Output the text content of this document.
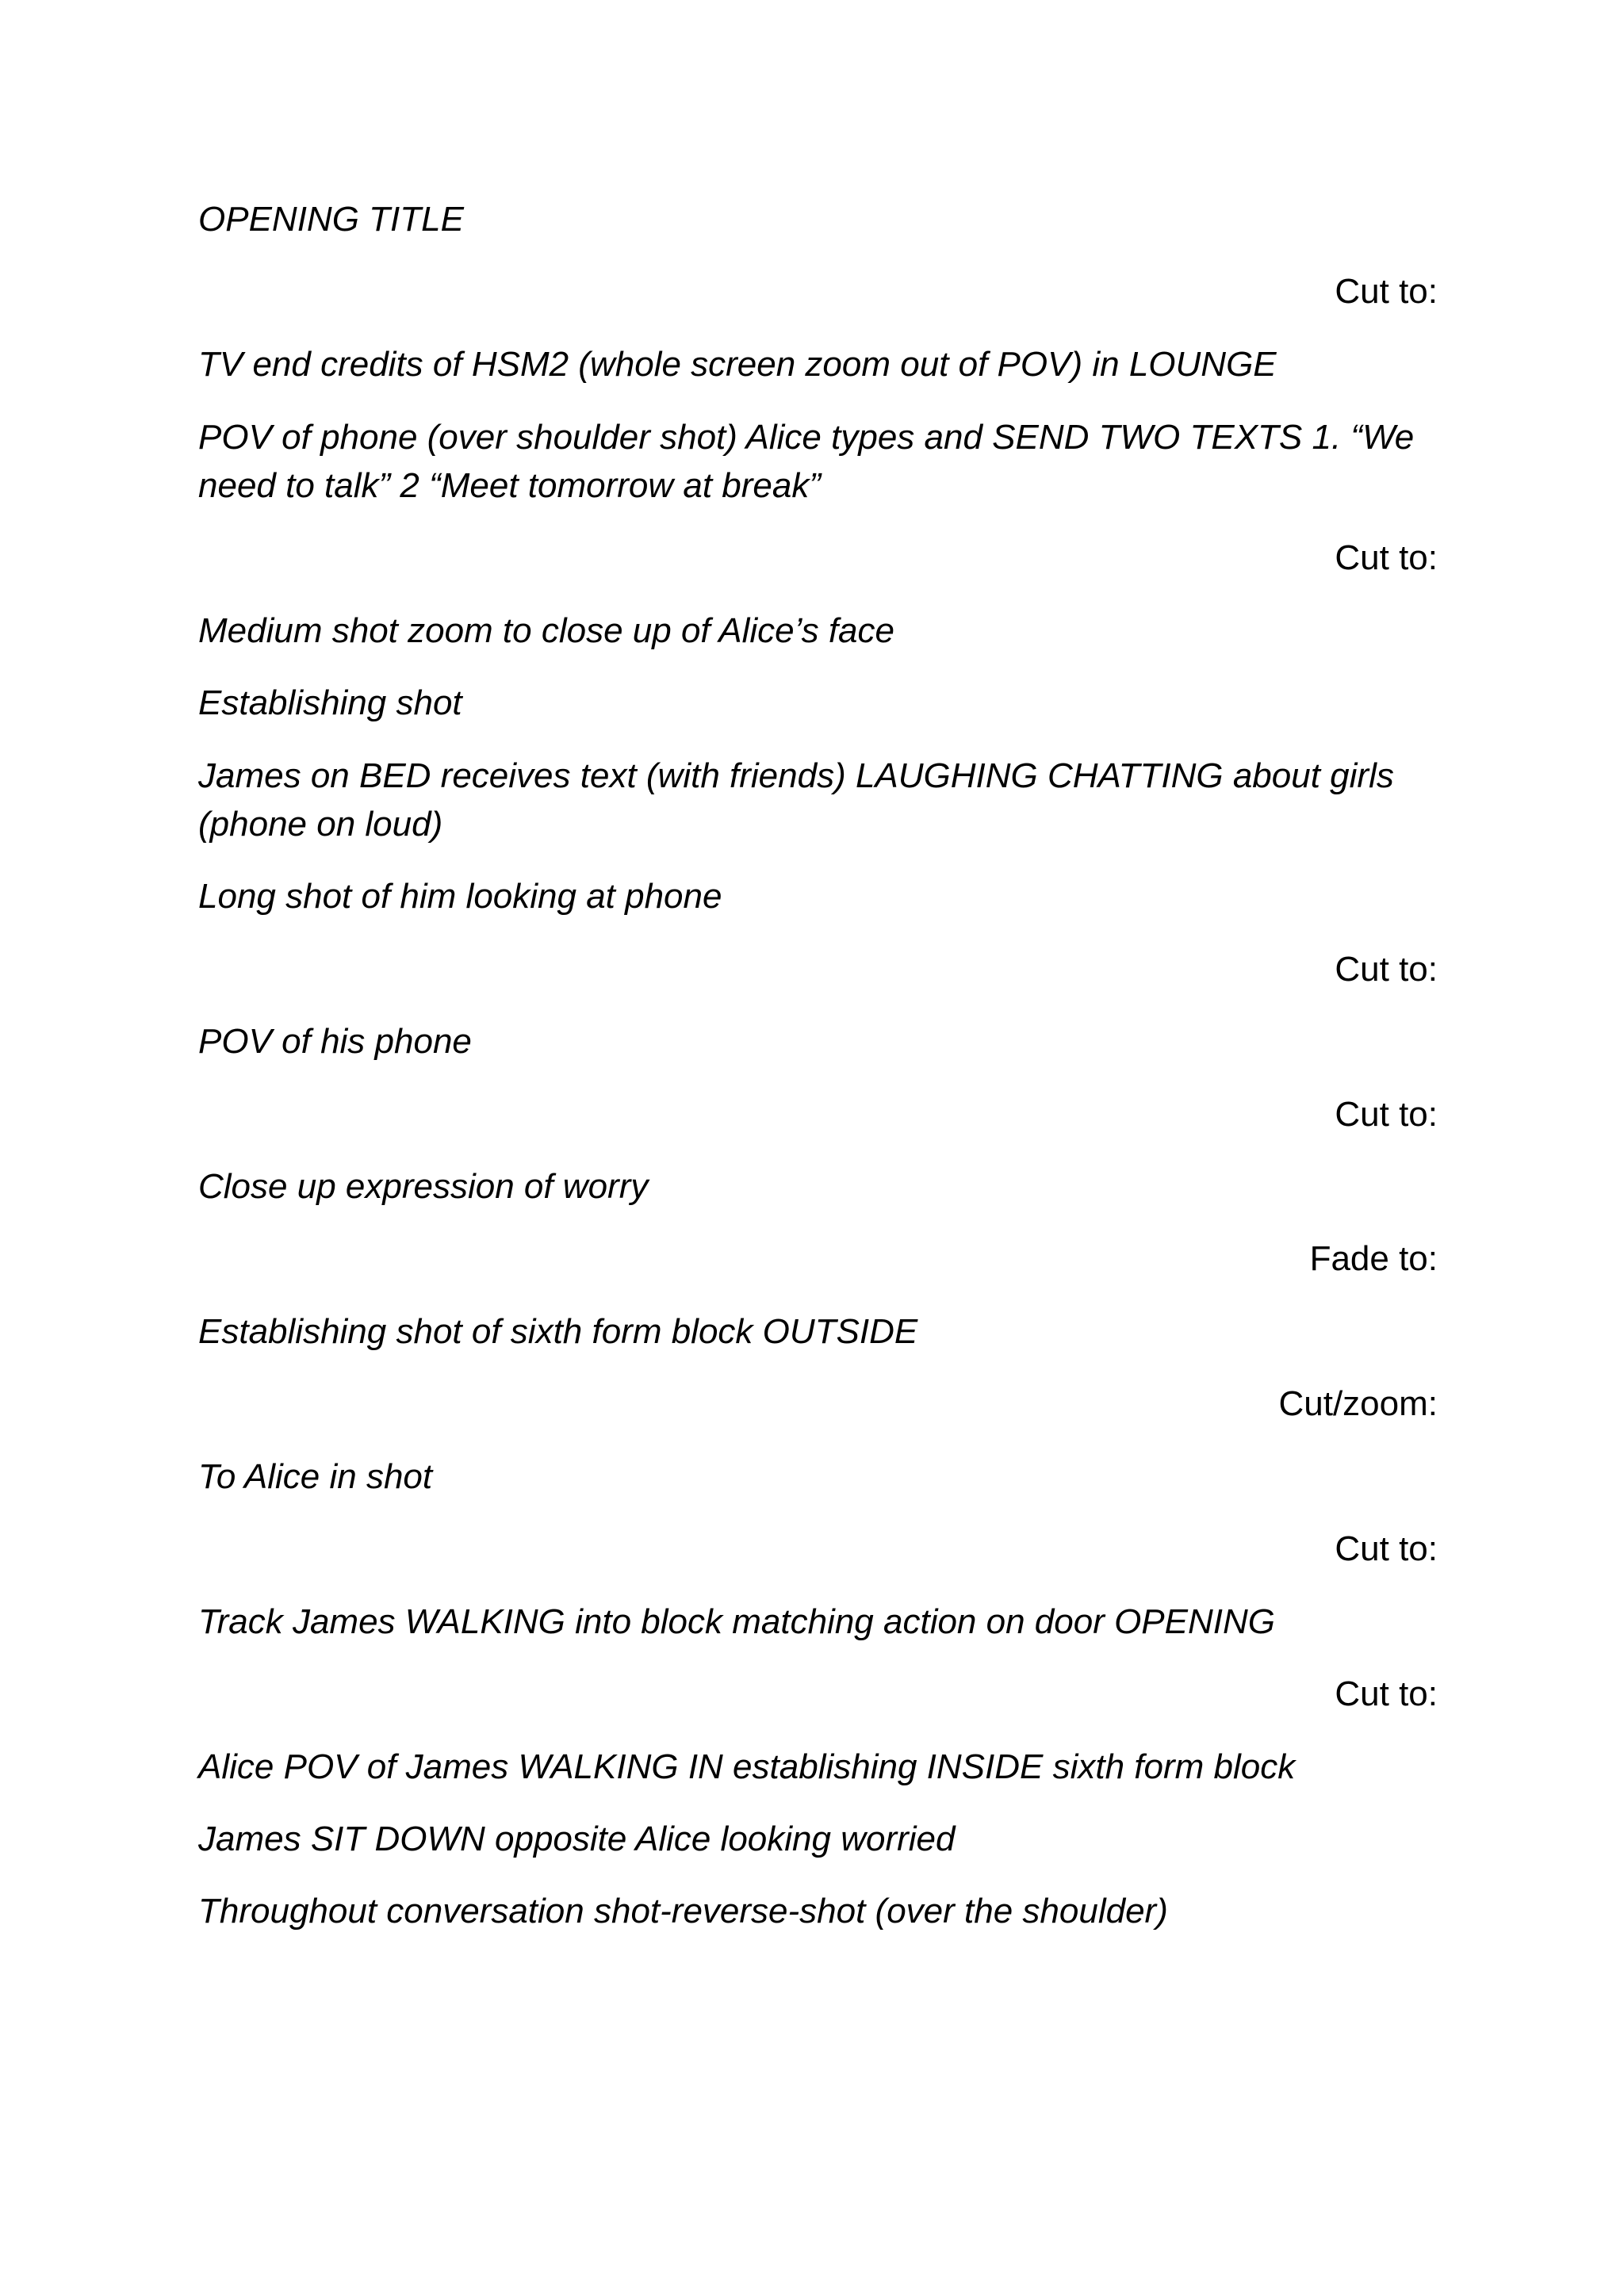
OPENING TITLE

Cut to:

TV end credits of HSM2 (whole screen zoom out of POV) in LOUNGE

POV of phone (over shoulder shot) Alice types and SEND TWO TEXTS 1. “We

need to talk” 2 “Meet tomorrow at break”

Cut to:

Medium shot zoom to close up of Alice’s face

Establishing shot

James on BED receives text (with friends) LAUGHING CHATTING about girls

(phone on loud)

Long shot of him looking at phone

Cut to:

POV of his phone

Cut to:

Close up expression of worry

Fade to:

Establishing shot of sixth form block OUTSIDE

Cut/zoom:

To Alice in shot

Cut to:

Track James WALKING into block matching action on door OPENING

Cut to:

Alice POV of James WALKING IN establishing INSIDE sixth form block

James SIT DOWN opposite Alice looking worried

Throughout conversation shot-reverse-shot (over the shoulder)
